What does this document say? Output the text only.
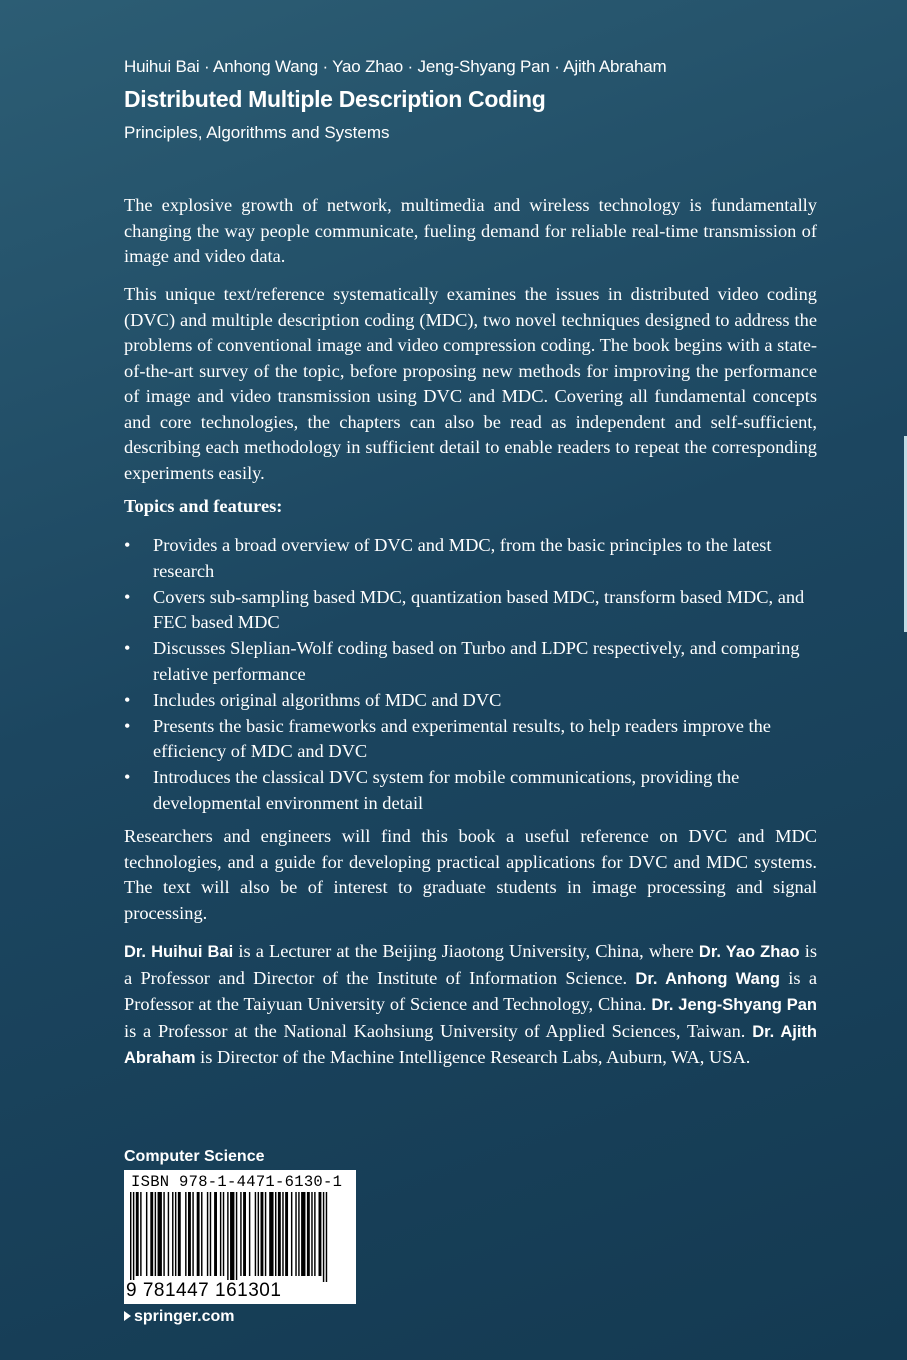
Huihui Bai · Anhong Wang · Yao Zhao · Jeng-Shyang Pan · Ajith Abraham
Distributed Multiple Description Coding
Principles, Algorithms and Systems

The explosive growth of network, multimedia and wireless technology is fundamentally changing the way people communicate, fueling demand for reliable real-time transmission of image and video data.

This unique text/reference systematically examines the issues in distributed video coding (DVC) and multiple description coding (MDC), two novel techniques designed to address the problems of conventional image and video compression coding. The book begins with a state-of-the-art survey of the topic, before proposing new methods for improving the performance of image and video transmission using DVC and MDC. Covering all fundamental concepts and core technologies, the chapters can also be read as independent and self-sufficient, describing each methodology in sufficient detail to enable readers to repeat the corresponding experiments easily.

Topics and features:
• Provides a broad overview of DVC and MDC, from the basic principles to the latest research
• Covers sub-sampling based MDC, quantization based MDC, transform based MDC, and FEC based MDC
• Discusses Sleplian-Wolf coding based on Turbo and LDPC respectively, and comparing relative performance
• Includes original algorithms of MDC and DVC
• Presents the basic frameworks and experimental results, to help readers improve the efficiency of MDC and DVC
• Introduces the classical DVC system for mobile communications, providing the developmental environment in detail

Researchers and engineers will find this book a useful reference on DVC and MDC technologies, and a guide for developing practical applications for DVC and MDC systems. The text will also be of interest to graduate students in image processing and signal processing.

Dr. Huihui Bai is a Lecturer at the Beijing Jiaotong University, China, where Dr. Yao Zhao is a Professor and Director of the Institute of Information Science. Dr. Anhong Wang is a Professor at the Taiyuan University of Science and Technology, China. Dr. Jeng-Shyang Pan is a Professor at the National Kaohsiung University of Applied Sciences, Taiwan. Dr. Ajith Abraham is Director of the Machine Intelligence Research Labs, Auburn, WA, USA.

Computer Science
ISBN 978-1-4471-6130-1
9 781447 161301
springer.com
